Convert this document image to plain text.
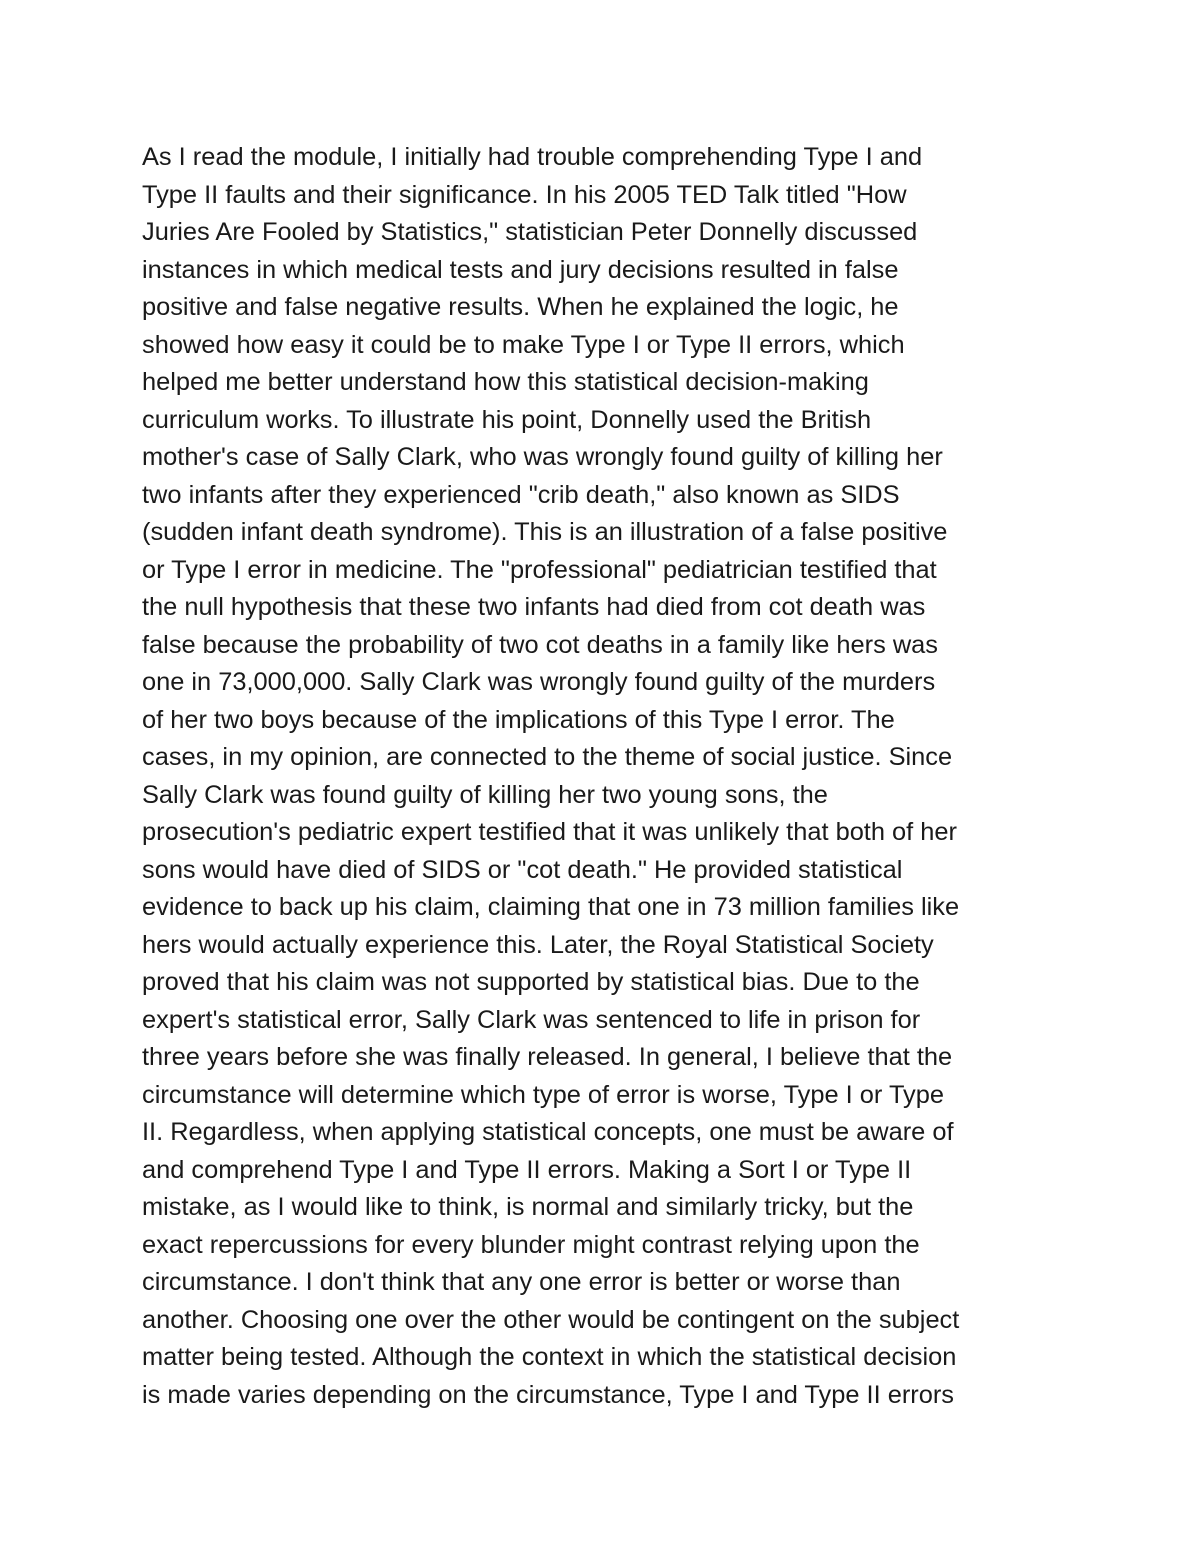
As I read the module, I initially had trouble comprehending Type I and
Type II faults and their significance. In his 2005 TED Talk titled "How
Juries Are Fooled by Statistics," statistician Peter Donnelly discussed
instances in which medical tests and jury decisions resulted in false
positive and false negative results. When he explained the logic, he
showed how easy it could be to make Type I or Type II errors, which
helped me better understand how this statistical decision-making
curriculum works. To illustrate his point, Donnelly used the British
mother's case of Sally Clark, who was wrongly found guilty of killing her
two infants after they experienced "crib death," also known as SIDS
(sudden infant death syndrome). This is an illustration of a false positive
or Type I error in medicine. The "professional" pediatrician testified that
the null hypothesis that these two infants had died from cot death was
false because the probability of two cot deaths in a family like hers was
one in 73,000,000. Sally Clark was wrongly found guilty of the murders
of her two boys because of the implications of this Type I error. The
cases, in my opinion, are connected to the theme of social justice. Since
Sally Clark was found guilty of killing her two young sons, the
prosecution's pediatric expert testified that it was unlikely that both of her
sons would have died of SIDS or "cot death." He provided statistical
evidence to back up his claim, claiming that one in 73 million families like
hers would actually experience this. Later, the Royal Statistical Society
proved that his claim was not supported by statistical bias. Due to the
expert's statistical error, Sally Clark was sentenced to life in prison for
three years before she was finally released. In general, I believe that the
circumstance will determine which type of error is worse, Type I or Type
II. Regardless, when applying statistical concepts, one must be aware of
and comprehend Type I and Type II errors. Making a Sort I or Type II
mistake, as I would like to think, is normal and similarly tricky, but the
exact repercussions for every blunder might contrast relying upon the
circumstance. I don't think that any one error is better or worse than
another. Choosing one over the other would be contingent on the subject
matter being tested. Although the context in which the statistical decision
is made varies depending on the circumstance, Type I and Type II errors
